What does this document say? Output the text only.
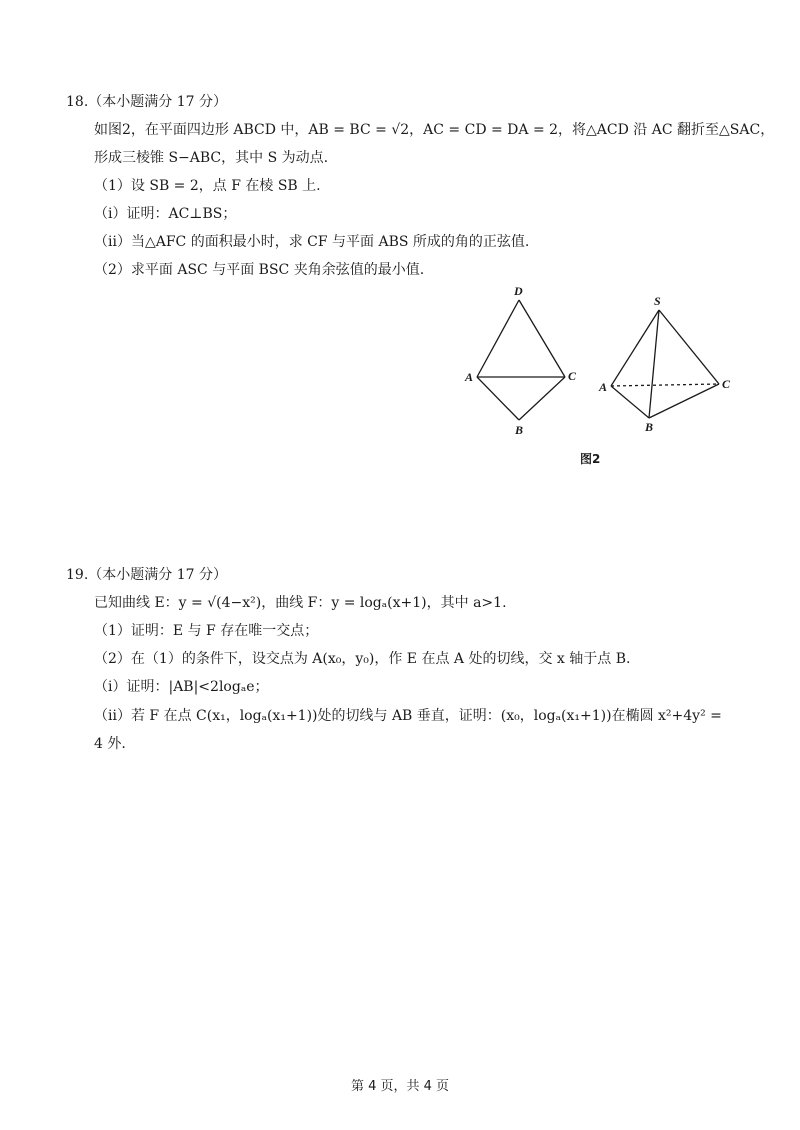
18.（本小题满分 17 分）
如图2，在平面四边形 ABCD 中，AB = BC = √2，AC = CD = DA = 2，将△ACD 沿 AC 翻折至△SAC，
形成三棱锥 S−ABC，其中 S 为动点.
（1）设 SB = 2，点 F 在棱 SB 上.
（ⅰ）证明：AC⊥BS；
（ⅱ）当△AFC 的面积最小时，求 CF 与平面 ABS 所成的角的正弦值.
（2）求平面 ASC 与平面 BSC 夹角余弦值的最小值.
D
A	C
B
S
A	C
B
图2
19.（本小题满分 17 分）
已知曲线 E：y = √(4−x²)，曲线 F：y = logₐ(x+1)，其中 a>1.
（1）证明：E 与 F 存在唯一交点；
（2）在（1）的条件下，设交点为 A(x₀，y₀)，作 E 在点 A 处的切线，交 x 轴于点 B.
（ⅰ）证明：|AB|<2logₐe；
（ⅱ）若 F 在点 C(x₁，logₐ(x₁+1))处的切线与 AB 垂直，证明：(x₀，logₐ(x₁+1))在椭圆 x²+4y² =
4 外.
第 4 页，共 4 页
